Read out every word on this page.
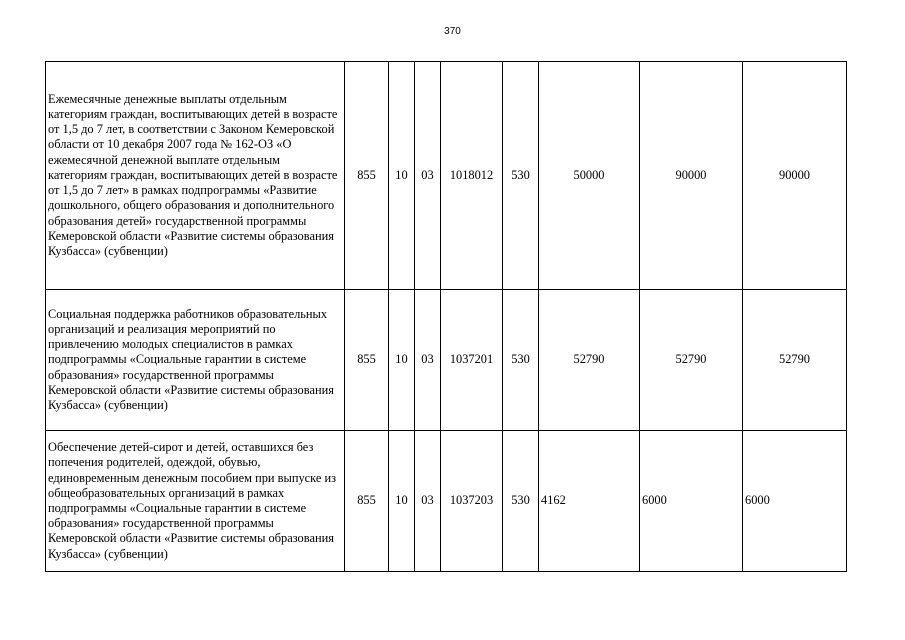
370
Ежемесячные денежные выплаты отдельным категориям граждан, воспитывающих детей в возрасте от 1,5 до 7 лет, в соответствии с Законом Кемеровской области от 10 декабря 2007 года № 162-ОЗ «О ежемесячной денежной выплате отдельным категориям граждан, воспитывающих детей в возрасте от 1,5 до 7 лет» в рамках подпрограммы «Развитие дошкольного, общего образования и дополнительного образования детей» государственной программы Кемеровской области «Развитие системы образования Кузбасса» (субвенции)	855	10	03	1018012	530	50000	90000	90000
Социальная поддержка работников образовательных организаций и реализация мероприятий по привлечению молодых специалистов в рамках подпрограммы «Социальные гарантии в системе образования» государственной программы Кемеровской области «Развитие системы образования Кузбасса» (субвенции)	855	10	03	1037201	530	52790	52790	52790
Обеспечение детей-сирот и детей, оставшихся без попечения родителей, одеждой, обувью, единовременным денежным пособием при выпуске из общеобразовательных организаций в рамках подпрограммы «Социальные гарантии в системе образования» государственной программы Кемеровской области «Развитие системы образования Кузбасса» (субвенции)	855	10	03	1037203	530	4162	6000	6000
